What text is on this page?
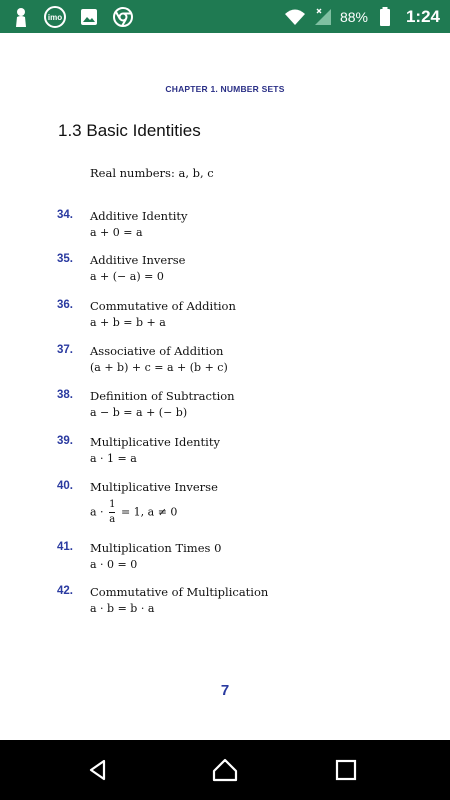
imo	88% 1:24
CHAPTER 1. NUMBER SETS
1.3 Basic Identities
Real numbers: a, b, c
34. Additive Identity
a + 0 = a
35. Additive Inverse
a + (− a) = 0
36. Commutative of Addition
a + b = b + a
37. Associative of Addition
(a + b) + c = a + (b + c)
38. Definition of Subtraction
a − b = a + (− b)
39. Multiplicative Identity
a · 1 = a
40. Multiplicative Inverse
$a \cdot \frac{1}{a} = 1$, a ≠ 0
41. Multiplication Times 0
a · 0 = 0
42. Commutative of Multiplication
a · b = b · a
7
